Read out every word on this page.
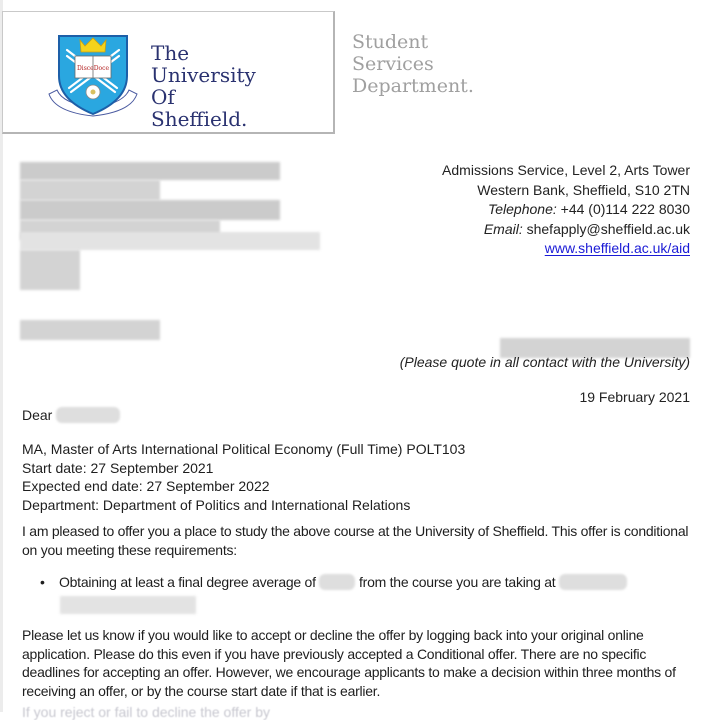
DisceDoce
The
University
Of
Sheffield.
Student
Services
Department.
Admissions Service, Level 2, Arts Tower
Western Bank, Sheffield, S10 2TN
Telephone: +44 (0)114 222 8030
Email: shefapply@sheffield.ac.uk
www.sheffield.ac.uk/aid
(Please quote in all contact with the University)
19 February 2021
Dear
MA, Master of Arts International Political Economy (Full Time) POLT103
Start date: 27 September 2021
Expected end date: 27 September 2022
Department: Department of Politics and International Relations
I am pleased to offer you a place to study the above course at the University of Sheffield. This offer is conditional on you meeting these requirements:
• Obtaining at least a final degree average of	from the course you are taking at
Please let us know if you would like to accept or decline the offer by logging back into your original online application. Please do this even if you have previously accepted a Conditional offer. There are no specific deadlines for accepting an offer. However, we encourage applicants to make a decision within three months of receiving an offer, or by the course start date if that is earlier.
If you reject or fail to decline the offer by
